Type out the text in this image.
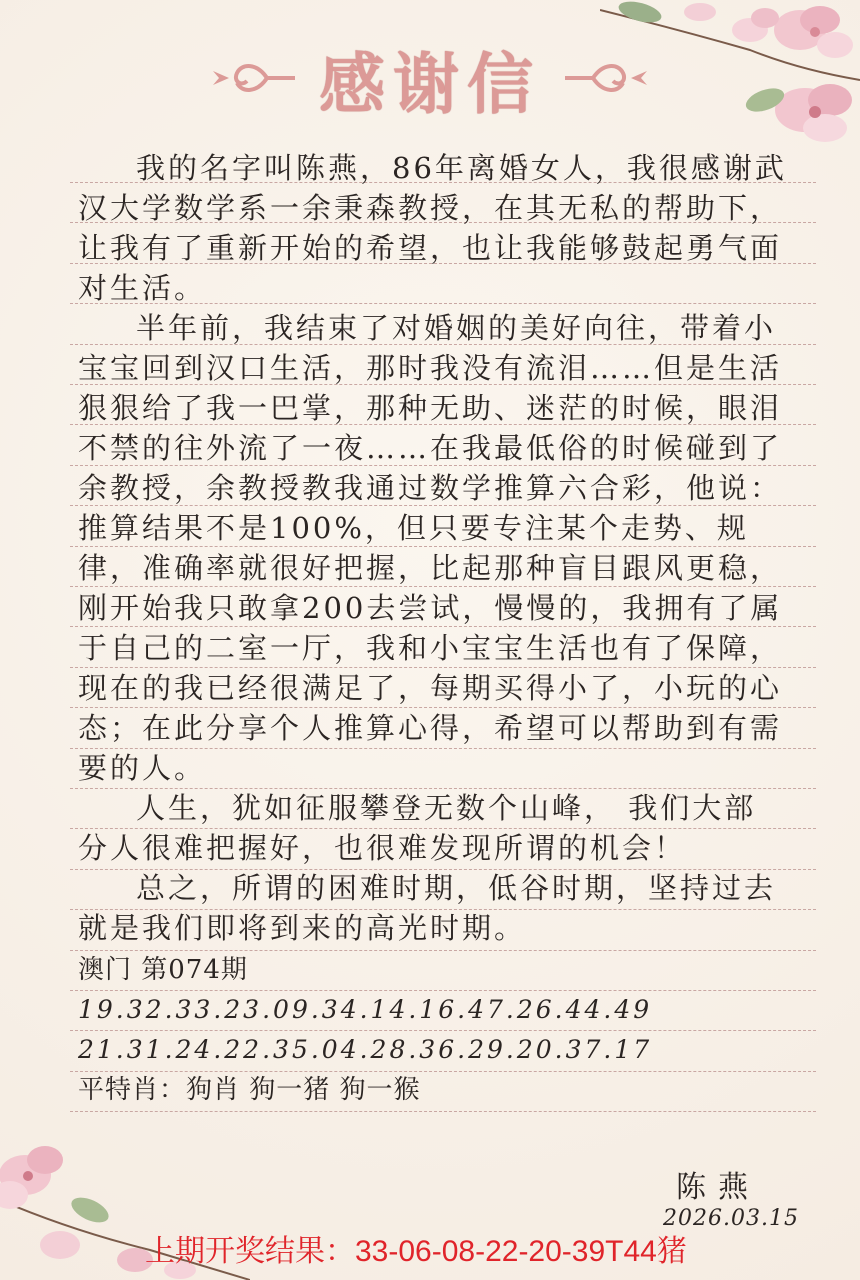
感谢信

我的名字叫陈燕，86年离婚女人，我很感谢武汉大学数学系一余秉森教授，在其无私的帮助下，让我有了重新开始的希望，也让我能够鼓起勇气面对生活。

半年前，我结束了对婚姻的美好向往，带着小宝宝回到汉口生活，那时我没有流泪……但是生活狠狠给了我一巴掌，那种无助、迷茫的时候，眼泪不禁的往外流了一夜……在我最低俗的时候碰到了余教授，余教授教我通过数学推算六合彩，他说：推算结果不是100%，但只要专注某个走势、规律，准确率就很好把握，比起那种盲目跟风更稳，刚开始我只敢拿200去尝试，慢慢的，我拥有了属于自己的二室一厅，我和小宝宝生活也有了保障，现在的我已经很满足了，每期买得小了，小玩的心态；在此分享个人推算心得，希望可以帮助到有需要的人。

人生，犹如征服攀登无数个山峰， 我们大部分人很难把握好，也很难发现所谓的机会！

总之，所谓的困难时期，低谷时期，坚持过去就是我们即将到来的高光时期。

澳门 第074期
19.32.33.23.09.34.14.16.47.26.44.49
21.31.24.22.35.04.28.36.29.20.37.17
平特肖：狗肖 狗一猪 狗一猴
陈燕
2026.03.15
上期开奖结果：33-06-08-22-20-39T44猪
